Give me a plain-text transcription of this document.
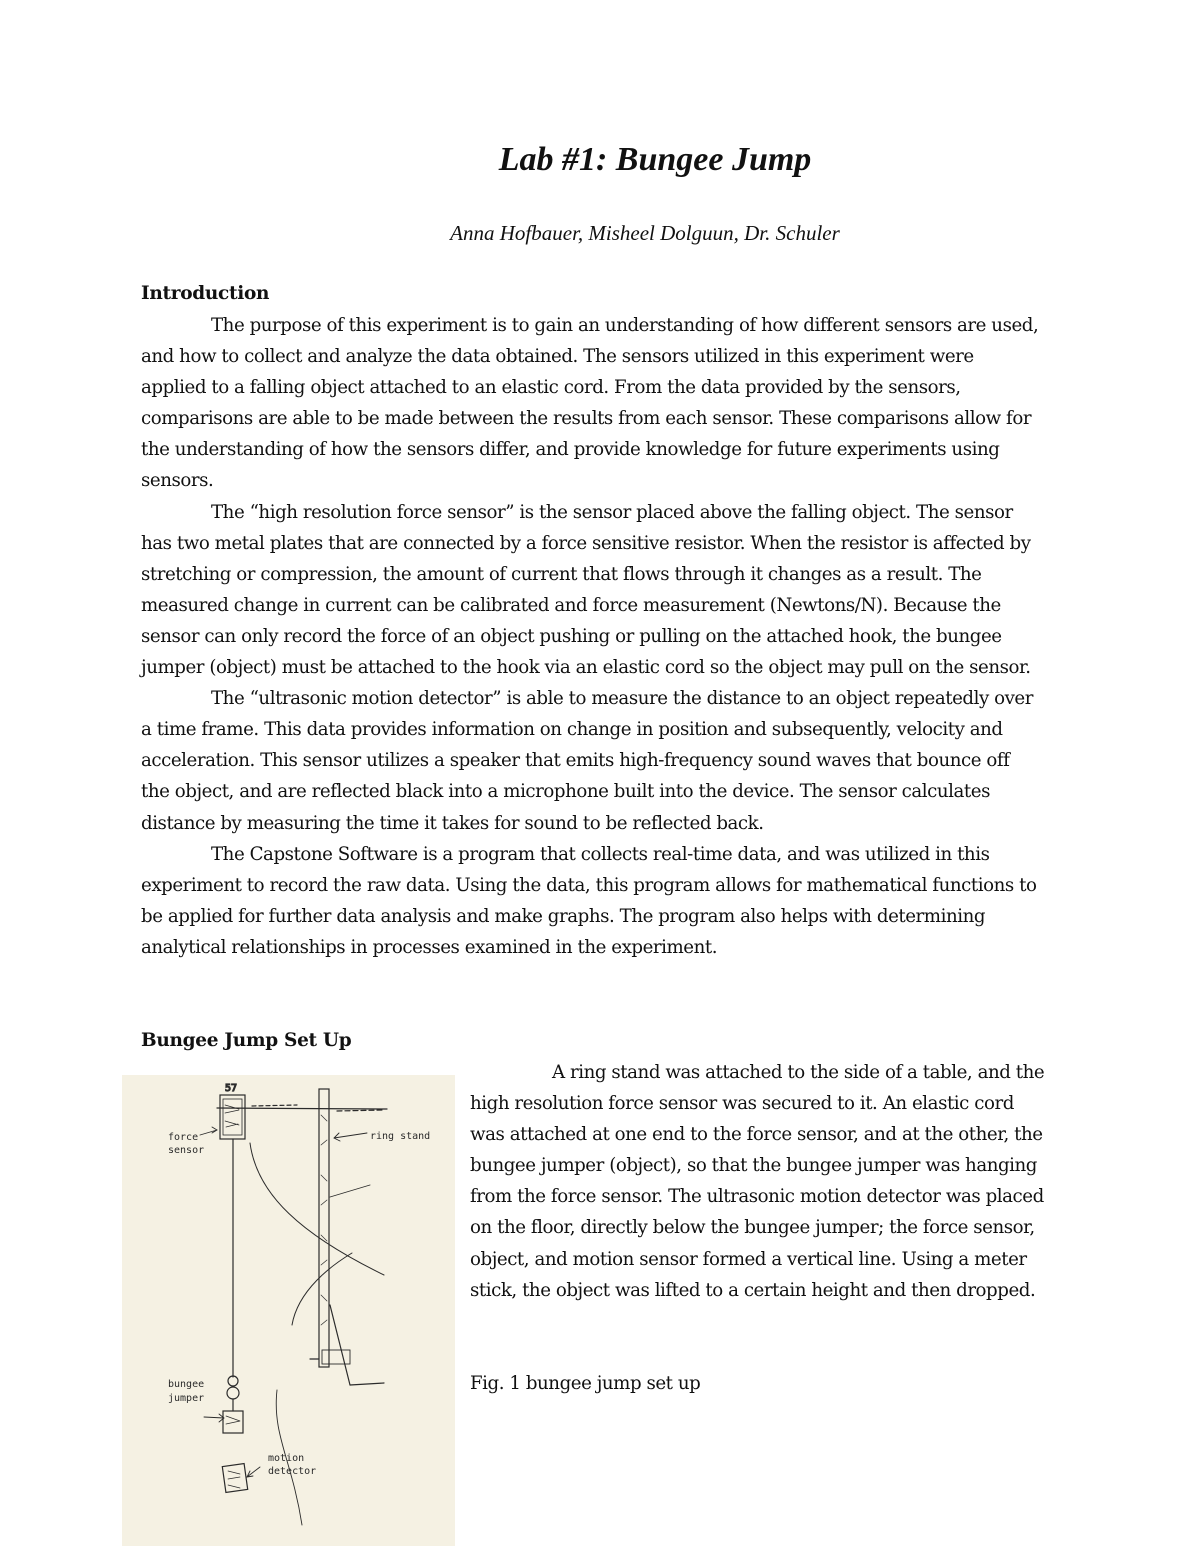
Lab #1: Bungee Jump

Anna Hofbauer, Misheel Dolguun, Dr. Schuler

Introduction

The purpose of this experiment is to gain an understanding of how different sensors are used, and how to collect and analyze the data obtained. The sensors utilized in this experiment were applied to a falling object attached to an elastic cord. From the data provided by the sensors, comparisons are able to be made between the results from each sensor. These comparisons allow for the understanding of how the sensors differ, and provide knowledge for future experiments using sensors.

The “high resolution force sensor” is the sensor placed above the falling object. The sensor has two metal plates that are connected by a force sensitive resistor. When the resistor is affected by stretching or compression, the amount of current that flows through it changes as a result. The measured change in current can be calibrated and force measurement (Newtons/N). Because the sensor can only record the force of an object pushing or pulling on the attached hook, the bungee jumper (object) must be attached to the hook via an elastic cord so the object may pull on the sensor.

The “ultrasonic motion detector” is able to measure the distance to an object repeatedly over a time frame. This data provides information on change in position and subsequently, velocity and acceleration. This sensor utilizes a speaker that emits high-frequency sound waves that bounce off the object, and are reflected black into a microphone built into the device. The sensor calculates distance by measuring the time it takes for sound to be reflected back.

The Capstone Software is a program that collects real-time data, and was utilized in this experiment to record the raw data. Using the data, this program allows for mathematical functions to be applied for further data analysis and make graphs. The program also helps with determining analytical relationships in processes examined in the experiment.

Bungee Jump Set Up
57
force
sensor
ring stand
bungee
jumper
motion
detector

A ring stand was attached to the side of a table, and the high resolution force sensor was secured to it. An elastic cord was attached at one end to the force sensor, and at the other, the bungee jumper (object), so that the bungee jumper was hanging from the force sensor. The ultrasonic motion detector was placed on the floor, directly below the bungee jumper; the force sensor, object, and motion sensor formed a vertical line. Using a meter stick, the object was lifted to a certain height and then dropped.

Fig. 1 bungee jump set up
